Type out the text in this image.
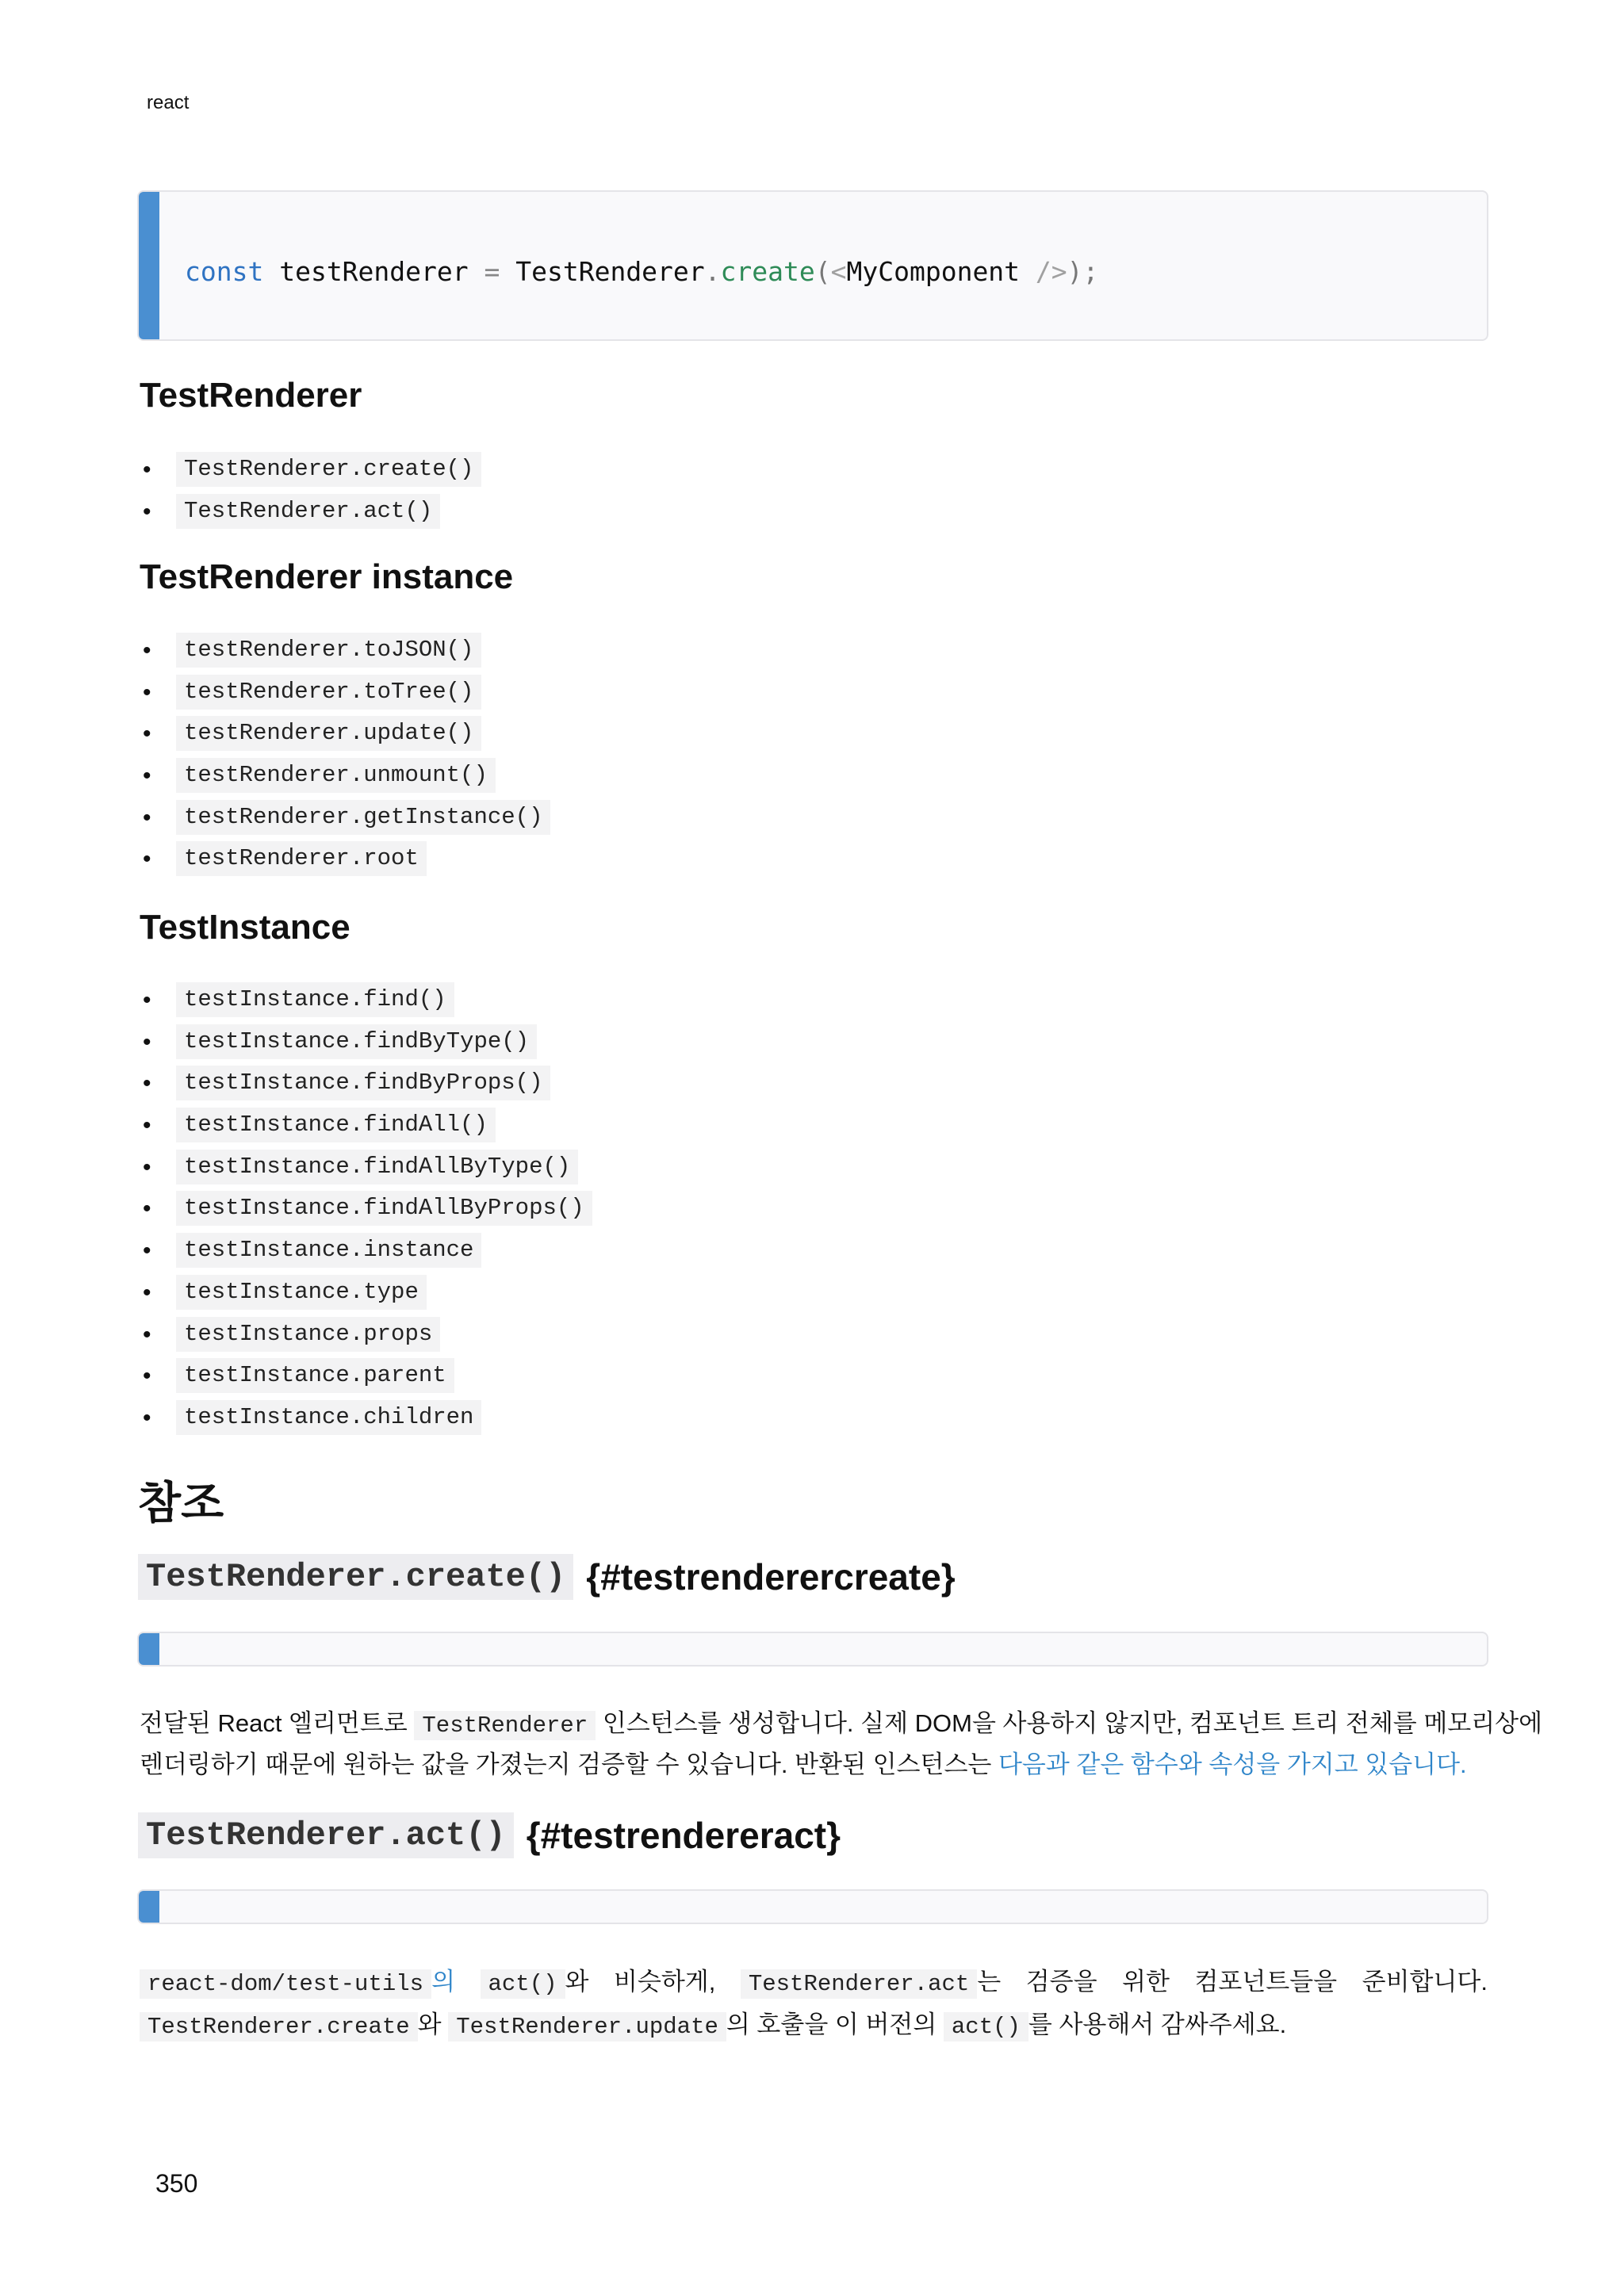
react

const testRenderer = TestRenderer.create(<MyComponent />);

TestRenderer
•	TestRenderer.create()
•	TestRenderer.act()
TestRenderer instance
•	testRenderer.toJSON()
•	testRenderer.toTree()
•	testRenderer.update()
•	testRenderer.unmount()
•	testRenderer.getInstance()
•	testRenderer.root
TestInstance
•	testInstance.find()
•	testInstance.findByType()
•	testInstance.findByProps()
•	testInstance.findAll()
•	testInstance.findAllByType()
•	testInstance.findAllByProps()
•	testInstance.instance
•	testInstance.type
•	testInstance.props
•	testInstance.parent
•	testInstance.children
참조
TestRenderer.create() {#testrenderercreate}

전달된 React 엘리먼트로 TestRenderer 인스턴스를 생성합니다. 실제 DOM을 사용하지 않지만, 컴포넌트 트리 전체를 메모리상에
렌더링하기 때문에 원하는 값을 가졌는지 검증할 수 있습니다. 반환된 인스턴스는 다음과 같은 함수와 속성을 가지고 있습니다.
TestRenderer.act() {#testrendereract}

react-dom/test-utils 의	act() 와 비슷하게,	TestRenderer.act 는 검증을 위한 컴포넌트들을 준비합니다.
TestRenderer.create 와 TestRenderer.update 의 호출을 이 버전의 act() 를 사용해서 감싸주세요.
350
